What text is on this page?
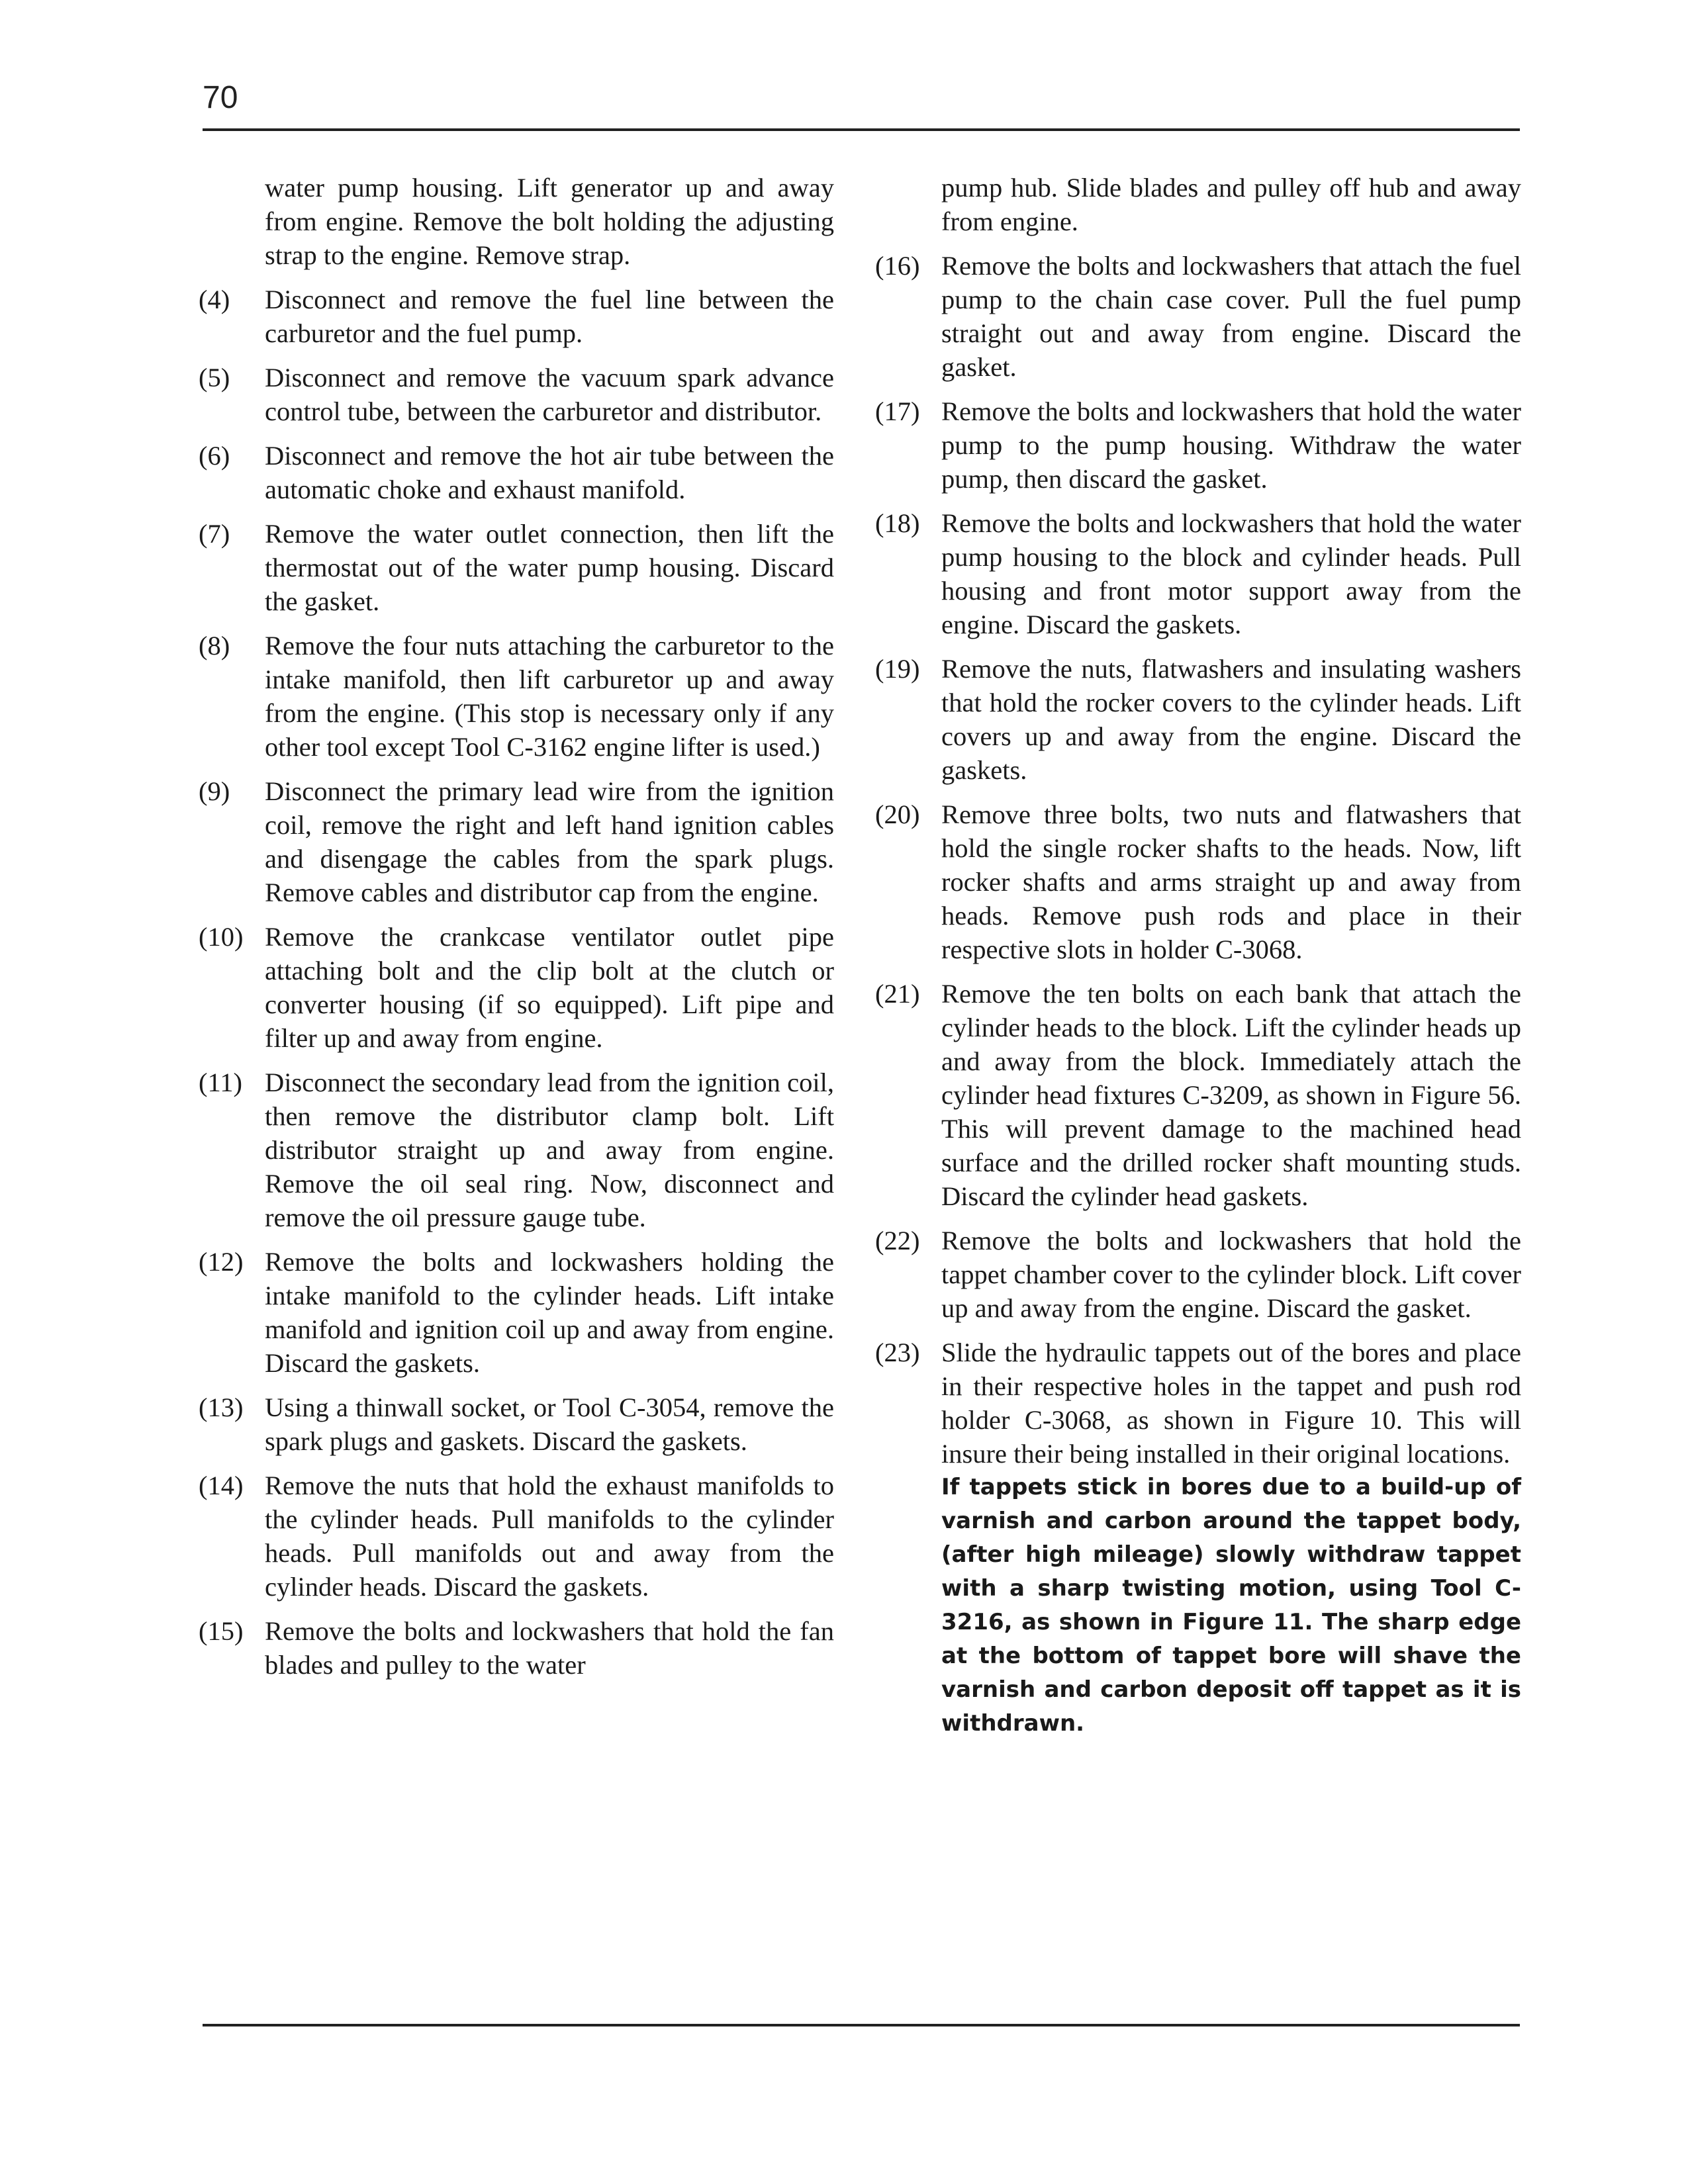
70
water pump housing. Lift generator up and away from engine. Remove the bolt holding the adjusting strap to the engine. Remove strap.
(4)	Disconnect and remove the fuel line between the carburetor and the fuel pump.
(5)	Disconnect and remove the vacuum spark advance control tube, between the carburetor and distributor.
(6)	Disconnect and remove the hot air tube between the automatic choke and exhaust manifold.
(7)	Remove the water outlet connection, then lift the thermostat out of the water pump housing. Discard the gasket.
(8)	Remove the four nuts attaching the carburetor to the intake manifold, then lift carburetor up and away from the engine. (This stop is necessary only if any other tool except Tool C-3162 engine lifter is used.)
(9)	Disconnect the primary lead wire from the ignition coil, remove the right and left hand ignition cables and disengage the cables from the spark plugs. Remove cables and distributor cap from the engine.
(10) Remove the crankcase ventilator outlet pipe attaching bolt and the clip bolt at the clutch or converter housing (if so equipped). Lift pipe and filter up and away from engine.
(11) Disconnect the secondary lead from the ignition coil, then remove the distributor clamp bolt. Lift distributor straight up and away from engine. Remove the oil seal ring. Now, disconnect and remove the oil pressure gauge tube.
(12) Remove the bolts and lockwashers holding the intake manifold to the cylinder heads. Lift intake manifold and ignition coil up and away from engine. Discard the gaskets.
(13) Using a thinwall socket, or Tool C-3054, remove the spark plugs and gaskets. Discard the gaskets.
(14) Remove the nuts that hold the exhaust manifolds to the cylinder heads. Pull manifolds to the cylinder heads. Pull manifolds out and away from the cylinder heads. Discard the gaskets.
(15) Remove the bolts and lockwashers that hold the fan blades and pulley to the water
pump hub. Slide blades and pulley off hub and away from engine.
(16) Remove the bolts and lockwashers that attach the fuel pump to the chain case cover. Pull the fuel pump straight out and away from engine. Discard the gasket.
(17) Remove the bolts and lockwashers that hold the water pump to the pump housing. Withdraw the water pump, then discard the gasket.
(18) Remove the bolts and lockwashers that hold the water pump housing to the block and cylinder heads. Pull housing and front motor support away from the engine. Discard the gaskets.
(19) Remove the nuts, flatwashers and insulating washers that hold the rocker covers to the cylinder heads. Lift covers up and away from the engine. Discard the gaskets.
(20) Remove three bolts, two nuts and flatwashers that hold the single rocker shafts to the heads. Now, lift rocker shafts and arms straight up and away from heads. Remove push rods and place in their respective slots in holder C-3068.
(21) Remove the ten bolts on each bank that attach the cylinder heads to the block. Lift the cylinder heads up and away from the block. Immediately attach the cylinder head fixtures C-3209, as shown in Figure 56. This will prevent damage to the machined head surface and the drilled rocker shaft mounting studs. Discard the cylinder head gaskets.
(22) Remove the bolts and lockwashers that hold the tappet chamber cover to the cylinder block. Lift cover up and away from the engine. Discard the gasket.
(23) Slide the hydraulic tappets out of the bores and place in their respective holes in the tappet and push rod holder C-3068, as shown in Figure 10. This will insure their being installed in their original locations.
If tappets stick in bores due to a build-up of varnish and carbon around the tappet body, (after high mileage) slowly withdraw tappet with a sharp twisting motion, using Tool C-3216, as shown in Figure 11. The sharp edge at the bottom of tappet bore will shave the varnish and carbon deposit off tappet as it is withdrawn.
